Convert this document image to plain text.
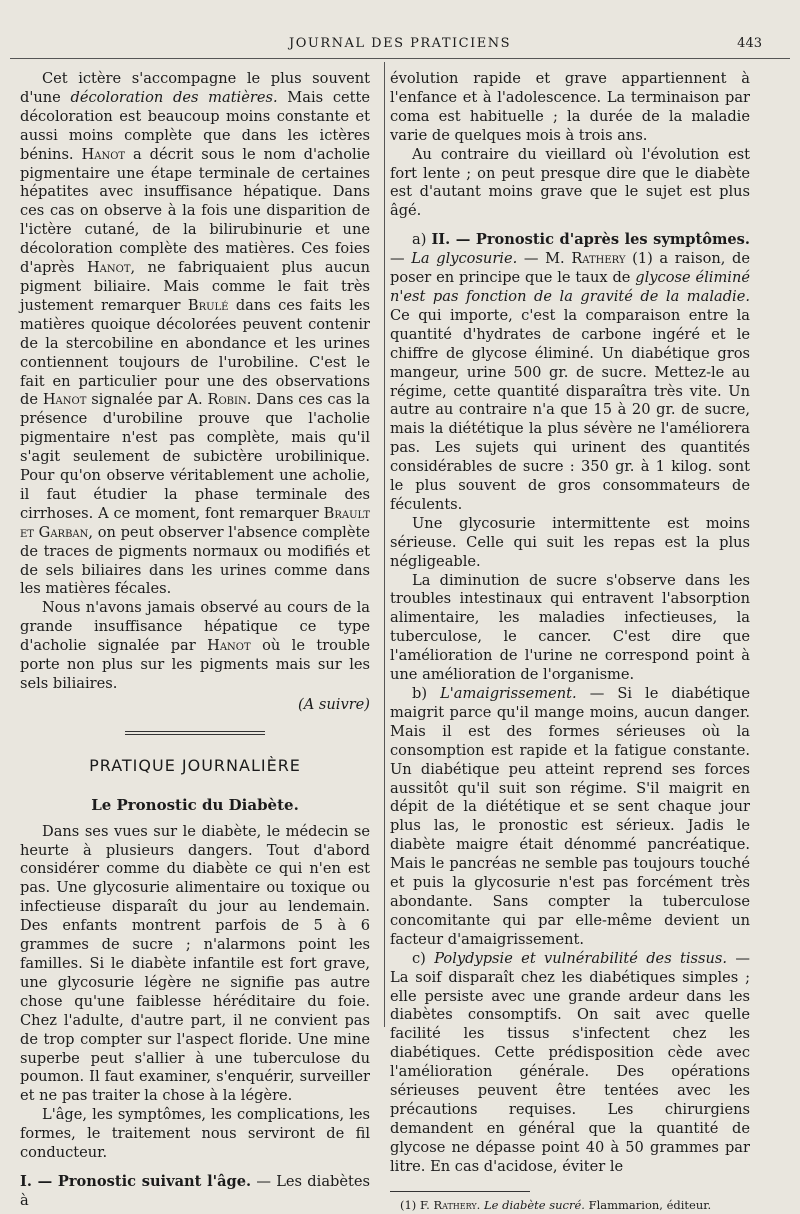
JOURNAL DES PRATICIENS	443

Cet ictère s'accompagne le plus souvent d'une décoloration des matières. Mais cette décoloration est beaucoup moins constante et aussi moins complète que dans les ictères bénins. Hanot a décrit sous le nom d'acholie pigmentaire une étape terminale de certaines hépatites avec insuffisance hépatique. Dans ces cas on observe à la fois une disparition de l'ictère cutané, de la bilirubinurie et une décoloration complète des matières. Ces foies d'après Hanot, ne fabriquaient plus aucun pigment biliaire. Mais comme le fait très justement remarquer Brulé dans ces faits les matières quoique décolorées peuvent contenir de la stercobiline en abondance et les urines contiennent toujours de l'urobiline. C'est le fait en particulier pour une des observations de Hanot signalée par A. Robin. Dans ces cas la présence d'urobiline prouve que l'acholie pigmentaire n'est pas complète, mais qu'il s'agit seulement de subictère urobilinique. Pour qu'on observe véritablement une acholie, il faut étudier la phase terminale des cirrhoses. A ce moment, font remarquer Brault et Garban, on peut observer l'absence complète de traces de pigments normaux ou modifiés et de sels biliaires dans les urines comme dans les matières fécales.

Nous n'avons jamais observé au cours de la grande insuffisance hépatique ce type d'acholie signalée par Hanot où le trouble porte non plus sur les pigments mais sur les sels biliaires.

(A suivre)
PRATIQUE JOURNALIÈRE
Le Pronostic du Diabète.

Dans ses vues sur le diabète, le médecin se heurte à plusieurs dangers. Tout d'abord considérer comme du diabète ce qui n'en est pas. Une glycosurie alimentaire ou toxique ou infectieuse disparaît du jour au lendemain. Des enfants montrent parfois de 5 à 6 grammes de sucre ; n'alarmons point les familles. Si le diabète infantile est fort grave, une glycosurie légère ne signifie pas autre chose qu'une faiblesse héréditaire du foie. Chez l'adulte, d'autre part, il ne convient pas de trop compter sur l'aspect floride. Une mine superbe peut s'allier à une tuberculose du poumon. Il faut examiner, s'enquérir, surveiller et ne pas traiter la chose à la légère.

L'âge, les symptômes, les complications, les formes, le traitement nous serviront de fil conducteur.

I. — Pronostic suivant l'âge. — Les diabètes à

évolution rapide et grave appartiennent à l'enfance et à l'adolescence. La terminaison par coma est habituelle ; la durée de la maladie varie de quelques mois à trois ans.

Au contraire du vieillard où l'évolution est fort lente ; on peut presque dire que le diabète est d'autant moins grave que le sujet est plus âgé.

a) II. — Pronostic d'après les symptômes. — La glycosurie. — M. Rathery (1) a raison, de poser en principe que le taux de glycose éliminé n'est pas fonction de la gravité de la maladie. Ce qui importe, c'est la comparaison entre la quantité d'hydrates de carbone ingéré et le chiffre de glycose éliminé. Un diabétique gros mangeur, urine 500 gr. de sucre. Mettez-le au régime, cette quantité disparaîtra très vite. Un autre au contraire n'a que 15 à 20 gr. de sucre, mais la diététique la plus sévère ne l'améliorera pas. Les sujets qui urinent des quantités considérables de sucre : 350 gr. à 1 kilog. sont le plus souvent de gros consommateurs de féculents.

Une glycosurie intermittente est moins sérieuse. Celle qui suit les repas est la plus négligeable.

La diminution de sucre s'observe dans les troubles intestinaux qui entravent l'absorption alimentaire, les maladies infectieuses, la tuberculose, le cancer. C'est dire que l'amélioration de l'urine ne correspond point à une amélioration de l'organisme.

b) L'amaigrissement. — Si le diabétique maigrit parce qu'il mange moins, aucun danger. Mais il est des formes sérieuses où la consomption est rapide et la fatigue constante. Un diabétique peu atteint reprend ses forces aussitôt qu'il suit son régime. S'il maigrit en dépit de la diététique et se sent chaque jour plus las, le pronostic est sérieux. Jadis le diabète maigre était dénommé pancréatique. Mais le pancréas ne semble pas toujours touché et puis la glycosurie n'est pas forcément très abondante. Sans compter la tuberculose concomitante qui par elle-même devient un facteur d'amaigrissement.

c) Polydypsie et vulnérabilité des tissus. — La soif disparaît chez les diabétiques simples ; elle persiste avec une grande ardeur dans les diabètes consomptifs. On sait avec quelle facilité les tissus s'infectent chez les diabétiques. Cette prédisposition cède avec l'amélioration générale. Des opérations sérieuses peuvent être tentées avec les précautions requises. Les chirurgiens demandent en général que la quantité de glycose ne dépasse point 40 à 50 grammes par litre. En cas d'acidose, éviter le

(1) F. Rathery. Le diabète sucré. Flammarion, éditeur.
